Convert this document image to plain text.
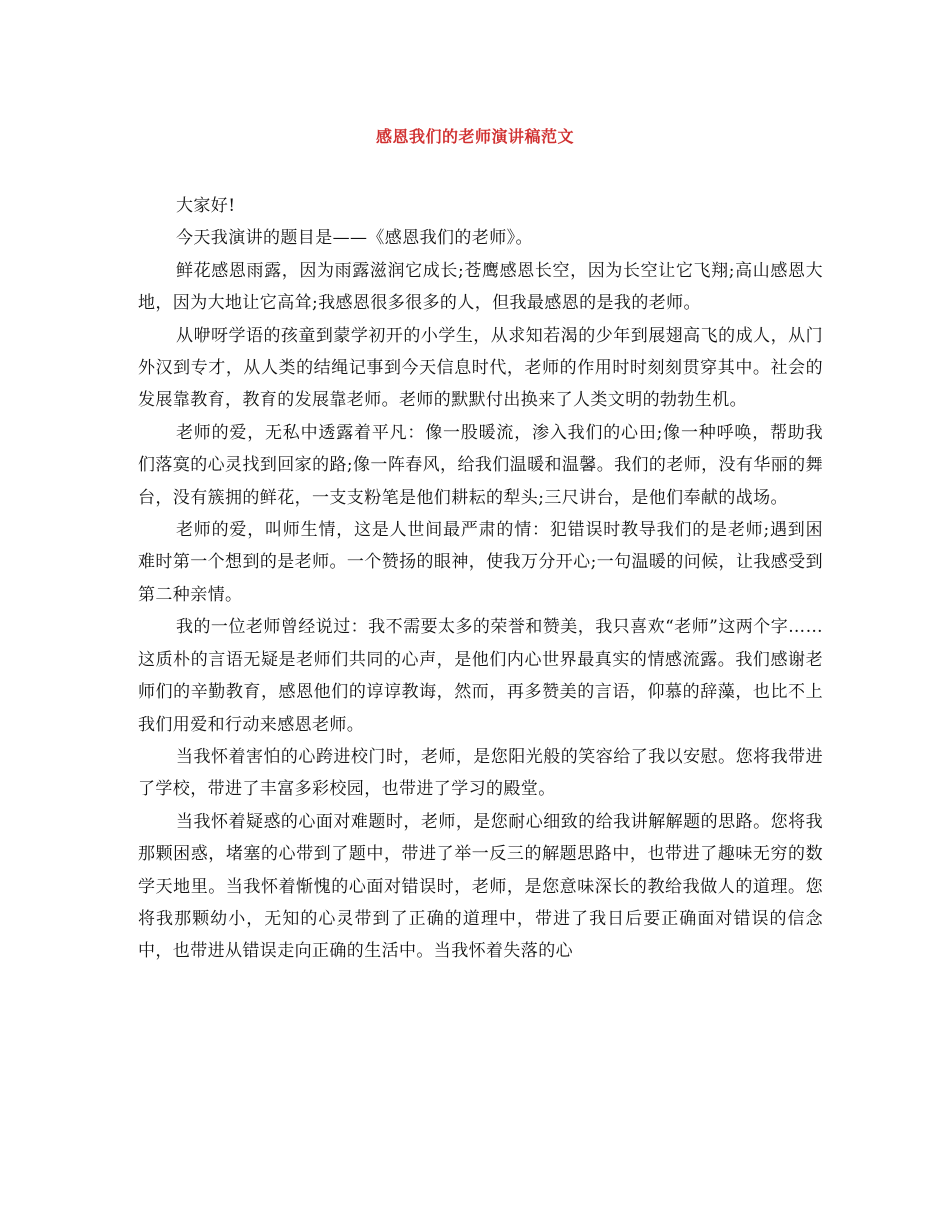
感恩我们的老师演讲稿范文

大家好!

今天我演讲的题目是——《感恩我们的老师》。

鲜花感恩雨露，因为雨露滋润它成长;苍鹰感恩长空，因为长空让它飞翔;高山感恩大地，因为大地让它高耸;我感恩很多很多的人，但我最感恩的是我的老师。

从咿呀学语的孩童到蒙学初开的小学生，从求知若渴的少年到展翅高飞的成人，从门外汉到专才，从人类的结绳记事到今天信息时代，老师的作用时时刻刻贯穿其中。社会的发展靠教育，教育的发展靠老师。老师的默默付出换来了人类文明的勃勃生机。

老师的爱，无私中透露着平凡：像一股暖流，渗入我们的心田;像一种呼唤，帮助我们落寞的心灵找到回家的路;像一阵春风，给我们温暖和温馨。我们的老师，没有华丽的舞台，没有簇拥的鲜花，一支支粉笔是他们耕耘的犁头;三尺讲台，是他们奉献的战场。

老师的爱，叫师生情，这是人世间最严肃的情：犯错误时教导我们的是老师;遇到困难时第一个想到的是老师。一个赞扬的眼神，使我万分开心;一句温暖的问候，让我感受到第二种亲情。

我的一位老师曾经说过：我不需要太多的荣誉和赞美，我只喜欢“老师”这两个字……这质朴的言语无疑是老师们共同的心声，是他们内心世界最真实的情感流露。我们感谢老师们的辛勤教育，感恩他们的谆谆教诲，然而，再多赞美的言语，仰慕的辞藻，也比不上我们用爱和行动来感恩老师。

当我怀着害怕的心跨进校门时，老师，是您阳光般的笑容给了我以安慰。您将我带进了学校，带进了丰富多彩校园，也带进了学习的殿堂。

当我怀着疑惑的心面对难题时，老师，是您耐心细致的给我讲解解题的思路。您将我那颗困惑，堵塞的心带到了题中，带进了举一反三的解题思路中，也带进了趣味无穷的数学天地里。当我怀着惭愧的心面对错误时，老师，是您意味深长的教给我做人的道理。您将我那颗幼小，无知的心灵带到了正确的道理中，带进了我日后要正确面对错误的信念中，也带进从错误走向正确的生活中。当我怀着失落的心
